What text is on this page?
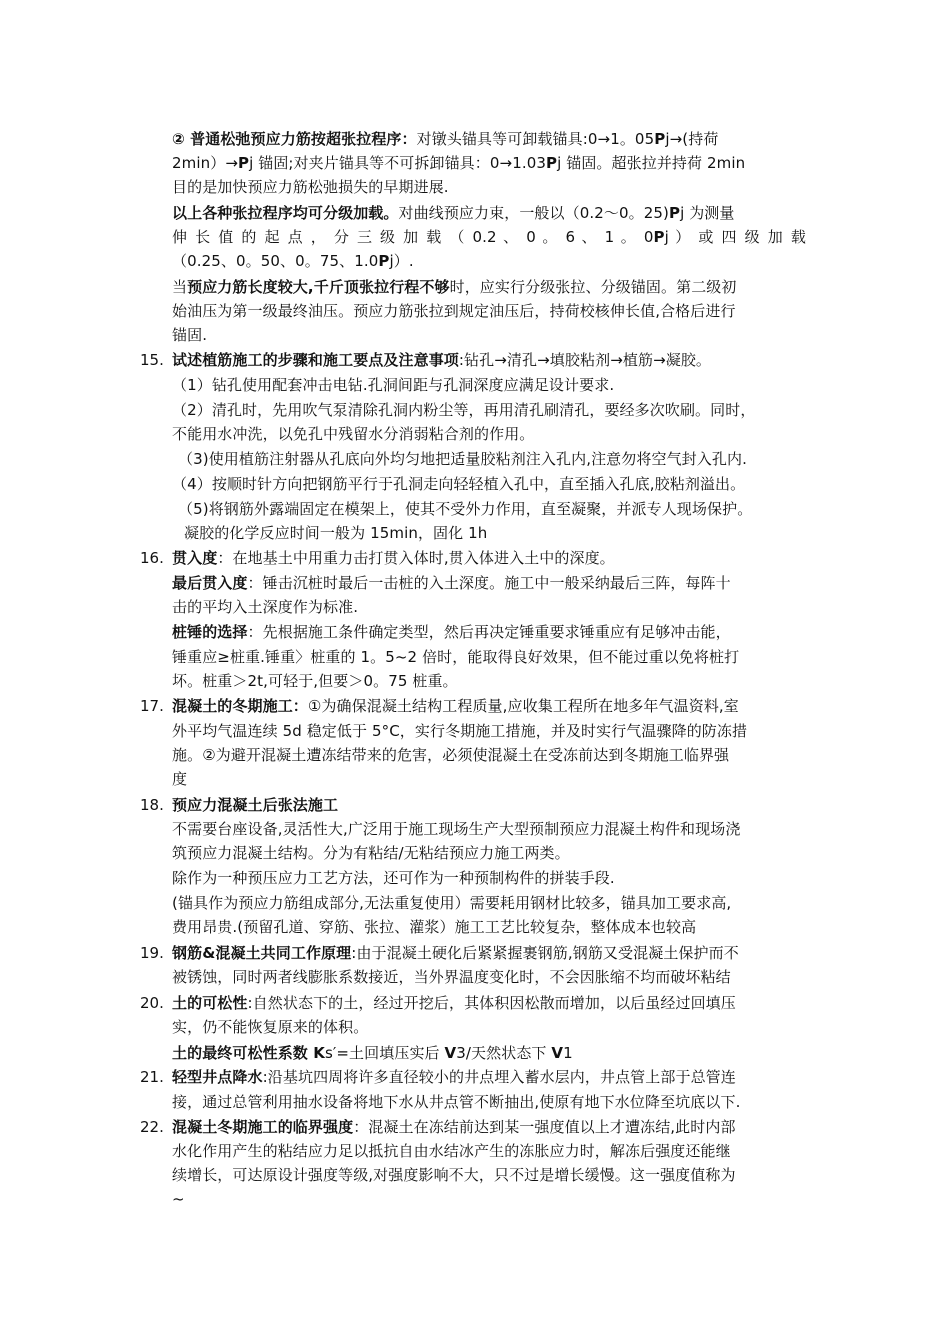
② 普通松弛预应力筋按超张拉程序：对镦头锚具等可卸载锚具:0→1。05Pj→(持荷
2min）→Pj 锚固;对夹片锚具等不可拆卸锚具：0→1.03Pj 锚固。超张拉并持荷 2min
目的是加快预应力筋松弛损失的早期进展.
以上各种张拉程序均可分级加载。对曲线预应力束，一般以（0.2～0。25)Pj 为测量
伸 长 值 的 起 点 ， 分 三 级 加 载 （ 0.2 、 0 。 6 、 1 。 0Pj ） 或 四 级 加 载
（0.25、0。50、0。75、1.0Pj）.
当预应力筋长度较大,千斤顶张拉行程不够时，应实行分级张拉、分级锚固。第二级初
始油压为第一级最终油压。预应力筋张拉到规定油压后，持荷校核伸长值,合格后进行
锚固.
15. 试述植筋施工的步骤和施工要点及注意事项:钻孔→清孔→填胶粘剂→植筋→凝胶。
（1）钻孔使用配套冲击电钻.孔洞间距与孔洞深度应满足设计要求.
（2）清孔时，先用吹气泵清除孔洞内粉尘等，再用清孔刷清孔，要经多次吹刷。同时，
不能用水冲洗，以免孔中残留水分消弱粘合剂的作用。
（3)使用植筋注射器从孔底向外均匀地把适量胶粘剂注入孔内,注意勿将空气封入孔内.
（4）按顺时针方向把钢筋平行于孔洞走向轻轻植入孔中，直至插入孔底,胶粘剂溢出。
（5)将钢筋外露端固定在模架上，使其不受外力作用，直至凝聚，并派专人现场保护。
凝胶的化学反应时间一般为 15min，固化 1h
16. 贯入度：在地基土中用重力击打贯入体时,贯入体进入土中的深度。
最后贯入度：锤击沉桩时最后一击桩的入土深度。施工中一般采纳最后三阵，每阵十
击的平均入土深度作为标准.
桩锤的选择：先根据施工条件确定类型，然后再决定锤重要求锤重应有足够冲击能，
锤重应≥桩重.锤重〉桩重的 1。5~2 倍时，能取得良好效果，但不能过重以免将桩打
坏。桩重＞2t,可轻于,但要＞0。75 桩重。
17. 混凝土的冬期施工：①为确保混凝土结构工程质量,应收集工程所在地多年气温资料,室
外平均气温连续 5d 稳定低于 5°C，实行冬期施工措施，并及时实行气温骤降的防冻措
施。②为避开混凝土遭冻结带来的危害，必须使混凝土在受冻前达到冬期施工临界强
度
18. 预应力混凝土后张法施工
不需要台座设备,灵活性大,广泛用于施工现场生产大型预制预应力混凝土构件和现场浇
筑预应力混凝土结构。分为有粘结/无粘结预应力施工两类。
除作为一种预压应力工艺方法，还可作为一种预制构件的拼装手段.
(锚具作为预应力筋组成部分,无法重复使用）需要耗用钢材比较多，锚具加工要求高,
费用昂贵.(预留孔道、穿筋、张拉、灌浆）施工工艺比较复杂，整体成本也较高
19. 钢筋&混凝土共同工作原理:由于混凝土硬化后紧紧握裹钢筋,钢筋又受混凝土保护而不
被锈蚀，同时两者线膨胀系数接近，当外界温度变化时，不会因胀缩不均而破坏粘结
20. 土的可松性:自然状态下的土，经过开挖后，其体积因松散而增加，以后虽经过回填压
实，仍不能恢复原来的体积。
土的最终可松性系数 Ks′=土回填压实后 V3/天然状态下 V1
21. 轻型井点降水:沿基坑四周将许多直径较小的井点埋入蓄水层内，井点管上部于总管连
接，通过总管利用抽水设备将地下水从井点管不断抽出,使原有地下水位降至坑底以下.
22. 混凝土冬期施工的临界强度：混凝土在冻结前达到某一强度值以上才遭冻结,此时内部
水化作用产生的粘结应力足以抵抗自由水结冰产生的冻胀应力时，解冻后强度还能继
续增长，可达原设计强度等级,对强度影响不大，只不过是增长缓慢。这一强度值称为
~
